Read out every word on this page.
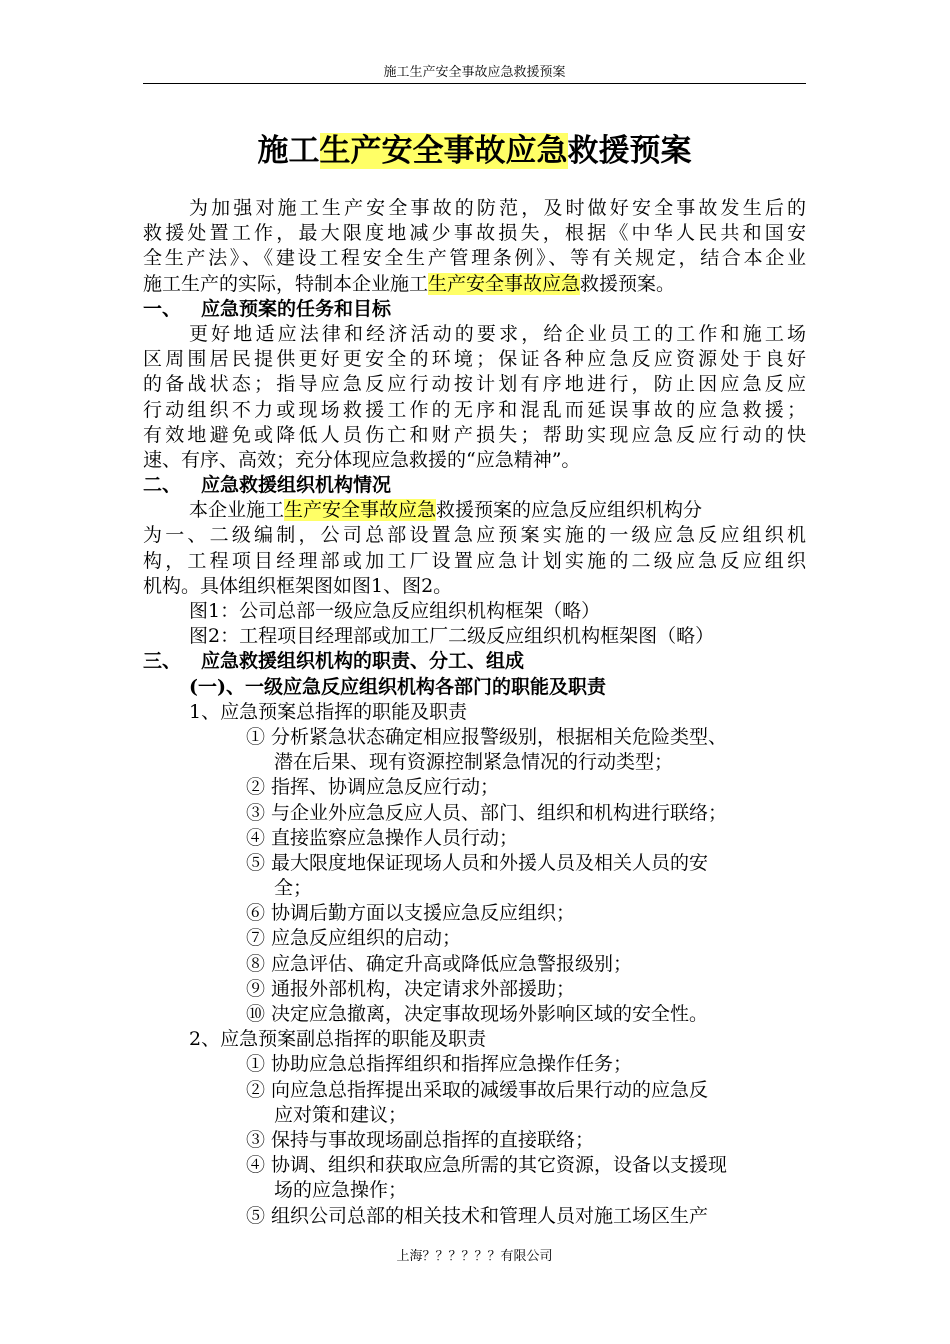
施工生产安全事故应急救援预案
施工生产安全事故应急救援预案
为加强对施工生产安全事故的防范，及时做好安全事故发生后的
救援处置工作，最大限度地减少事故损失，根据《中华人民共和国安
全生产法》、《建设工程安全生产管理条例》、等有关规定，结合本企业
施工生产的实际，特制本企业施工生产安全事故应急救援预案。
一、 应急预案的任务和目标
更好地适应法律和经济活动的要求，给企业员工的工作和施工场
区周围居民提供更好更安全的环境；保证各种应急反应资源处于良好
的备战状态；指导应急反应行动按计划有序地进行，防止因应急反应
行动组织不力或现场救援工作的无序和混乱而延误事故的应急救援；
有效地避免或降低人员伤亡和财产损失；帮助实现应急反应行动的快
速、有序、高效；充分体现应急救援的“应急精神”。
二、 应急救援组织机构情况
本企业施工生产安全事故应急救援预案的应急反应组织机构分
为一、二级编制，公司总部设置急应预案实施的一级应急反应组织机
构，工程项目经理部或加工厂设置应急计划实施的二级应急反应组织
机构。具体组织框架图如图1、图2。
图1：公司总部一级应急反应组织机构框架（略）
图2：工程项目经理部或加工厂二级反应组织机构框架图（略）
三、 应急救援组织机构的职责、分工、组成
(一)、一级应急反应组织机构各部门的职能及职责
1、应急预案总指挥的职能及职责
① 分析紧急状态确定相应报警级别，根据相关危险类型、
潜在后果、现有资源控制紧急情况的行动类型；
② 指挥、协调应急反应行动；
③ 与企业外应急反应人员、部门、组织和机构进行联络；
④ 直接监察应急操作人员行动；
⑤ 最大限度地保证现场人员和外援人员及相关人员的安
全；
⑥ 协调后勤方面以支援应急反应组织；
⑦ 应急反应组织的启动；
⑧ 应急评估、确定升高或降低应急警报级别；
⑨ 通报外部机构，决定请求外部援助；
⑩ 决定应急撤离，决定事故现场外影响区域的安全性。
2、应急预案副总指挥的职能及职责
① 协助应急总指挥组织和指挥应急操作任务；
② 向应急总指挥提出采取的减缓事故后果行动的应急反
应对策和建议；
③ 保持与事故现场副总指挥的直接联络；
④ 协调、组织和获取应急所需的其它资源，设备以支援现
场的应急操作；
⑤ 组织公司总部的相关技术和管理人员对施工场区生产
上海？？？？？？有限公司
